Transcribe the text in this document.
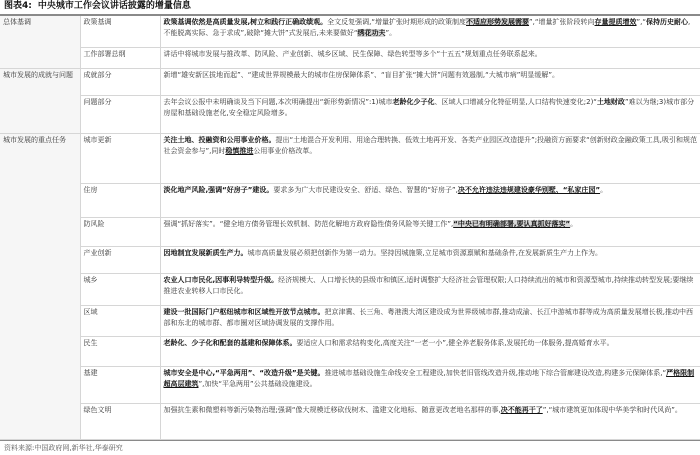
图表4: 中央城市工作会议讲话披露的增量信息
总体基调	政策基调	政策基调依然是高质量发展,树立和践行正确政绩观。全文反复强调,“增量扩张时期形成的政策制度不适应形势发展需要”,“增量扩张阶段转向存量提质增效”,“保持历史耐心,不能脱离实际、急于求成”,破除“摊大饼”式发展后,未来要做好“绣花功夫”。
	工作部署总纲	讲话中将城市发展与推改革、防风险、产业创新、城乡区域、民生保障、绿色转型等多个“十五五”规划重点任务联系起来。
城市发展的成就与问题	成就部分	新增“雄安新区拔地而起”、“建成世界规模最大的城市住房保障体系”、“盲目扩张“摊大饼”问题有效遏制,“大城市病”明显缓解”。
	问题部分	去年会议公报中未明确谈及当下问题,本次明确提出“新形势新情况”:1)城市老龄化少子化、区域人口增减分化特征明显,人口结构快速变化;2)“土地财政”难以为继;3)城市部分房屋和基础设施老化,安全稳定风险增多。
城市发展的重点任务	城市更新	关注土地、投融资和公用事业价格。提出“土地混合开发利用、用途合理转换、低效土地再开发、各类产业园区改造提升”;投融资方面要求“创新财政金融政策工具,吸引和规范社会资金参与”,同时稳慎推进公用事业价格改革。
	住房	淡化地产风险,强调“好房子”建设。要求多为广大市民建设安全、舒适、绿色、智慧的“好房子”,决不允许违法违规建设豪华别墅、“私家庄园”。
	防风险	强调“抓好落实”。“健全地方债务管理长效机制、防范化解地方政府隐性债务风险等关键工作”,“中央已有明确部署,要认真抓好落实”。
	产业创新	因地制宜发展新质生产力。城市高质量发展必须把创新作为第一动力。坚持因城施策,立足城市资源禀赋和基础条件,在发展新质生产力上作为。
	城乡	农业人口市民化,因事利导转型升级。经济规模大、人口增长快的县级市和镇区,适时调整扩大经济社会管理权限;人口持续流出的城市和资源型城市,持续推动转型发展;要继续推进农业转移人口市民化。
	区域	建设一批国际门户枢纽城市和区域性开放节点城市。把京津冀、长三角、粤港澳大湾区建设成为世界级城市群,推动成渝、长江中游城市群等成为高质量发展增长极,推动中西部和东北的城市群、都市圈对区域协调发展的支撑作用。
	民生	老龄化、少子化和配套的基建和保障体系。要适应人口和需求结构变化,高度关注“一老一小”,健全养老服务体系,发展托幼一体服务,提高婚育水平。
	基建	城市安全是中心,“平急两用”、“改造升级”是关键。推进城市基础设施生命线安全工程建设,加快老旧管线改造升级,推动地下综合管廊建设改造,构建多元保障体系,“严格限制超高层建筑”,加快“平急两用”公共基础设施建设。
	绿色文明	加强抗生素和微塑料等新污染物治理;强调“像大规模迁移砍伐树木、滥建文化地标、随意更改老地名那样的事,决不能再干了”,“城市建筑更加体现中华美学和时代风尚”。
资料来源:中国政府网,新华社,华泰研究
